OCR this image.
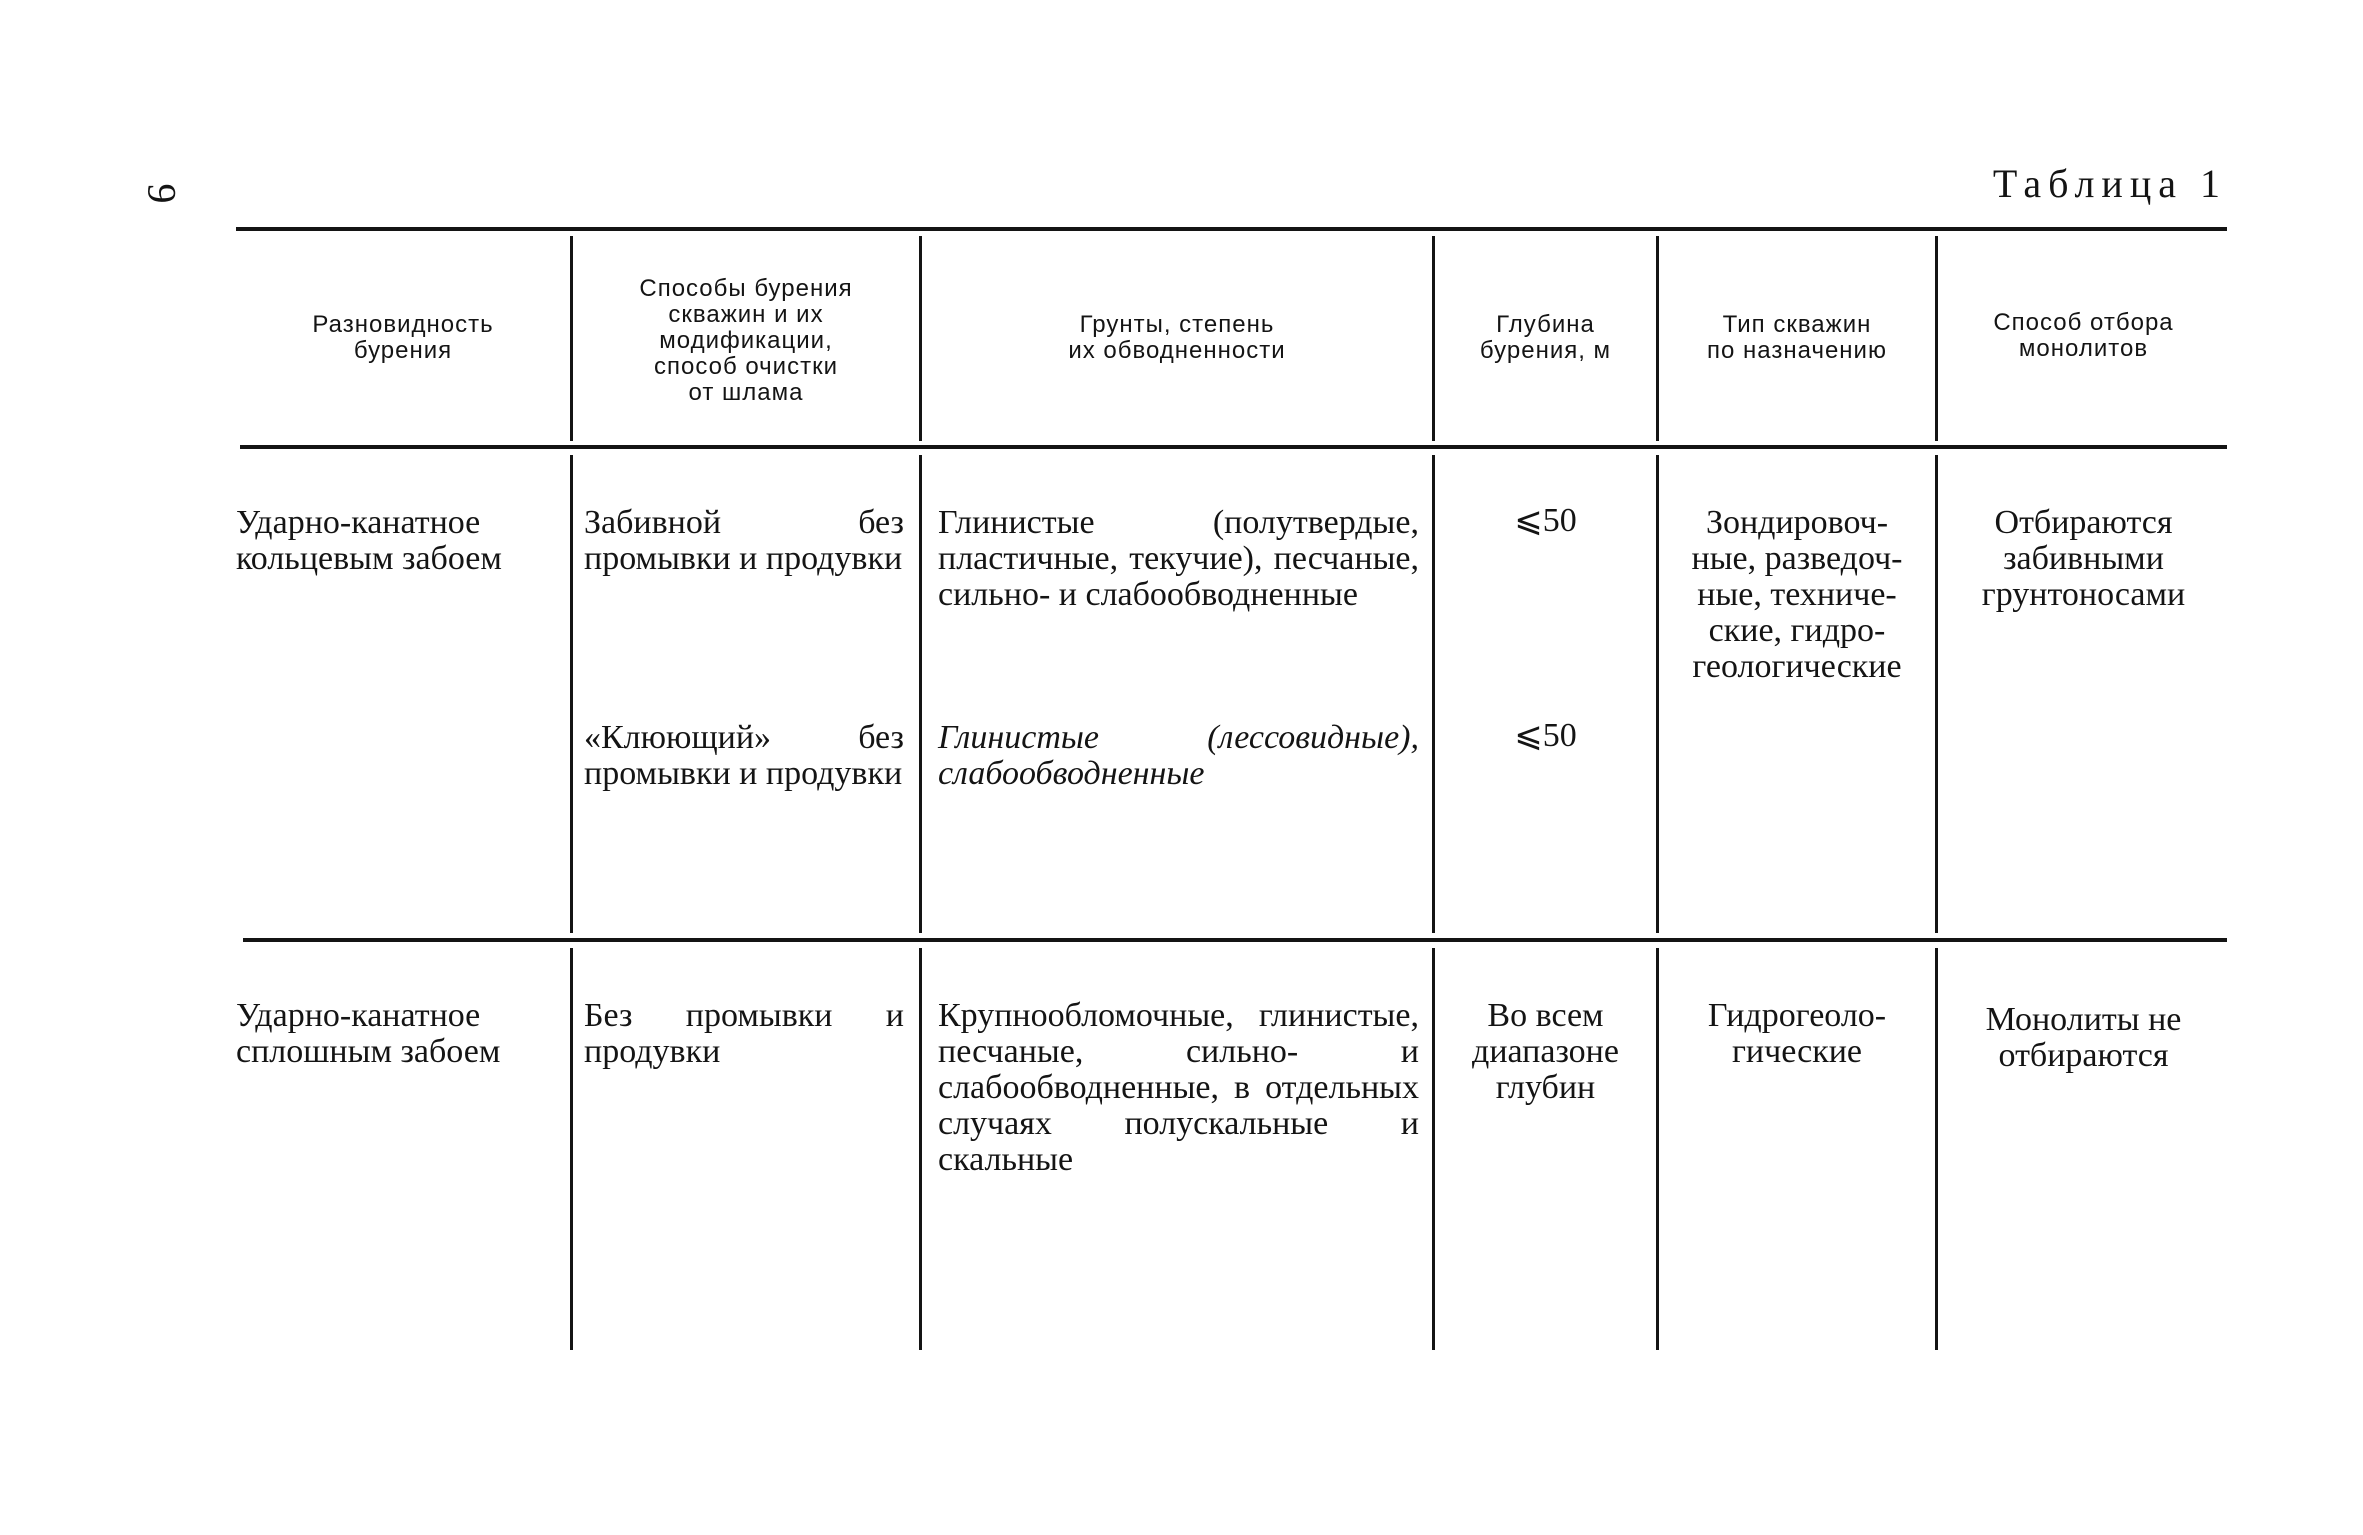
9	Таблица 1
Разновидность
бурения
Способы бурения
скважин и их
модификации,
способ очистки
от шлама
Грунты, степень
их обводненности
Глубина
бурения, м
Тип скважин
по назначению
Способ отбора
монолитов
Ударно-канатное
кольцевым забоем
Забивной без промывки и продувки
Глинистые (полутвердые, пластичные, текучие), песчаные, сильно- и слабообводненные
⩽50
«Клюющий» без промывки и продувки
Глинистые (лессовидные), слабообводненные
⩽50
Зондировоч-
ные, разведоч-
ные, техниче-
ские, гидро-
геологические
Отбираются
забивными
грунтоносами
Ударно-канатное
сплошным забоем
Без промывки и продувки
Крупнообломочные, глинистые, песчаные, сильно- и слабообводненные, в отдельных случаях полускальные и скальные
Во всем
диапазоне
глубин
Гидрогеоло-
гические
Монолиты не
отбираются
